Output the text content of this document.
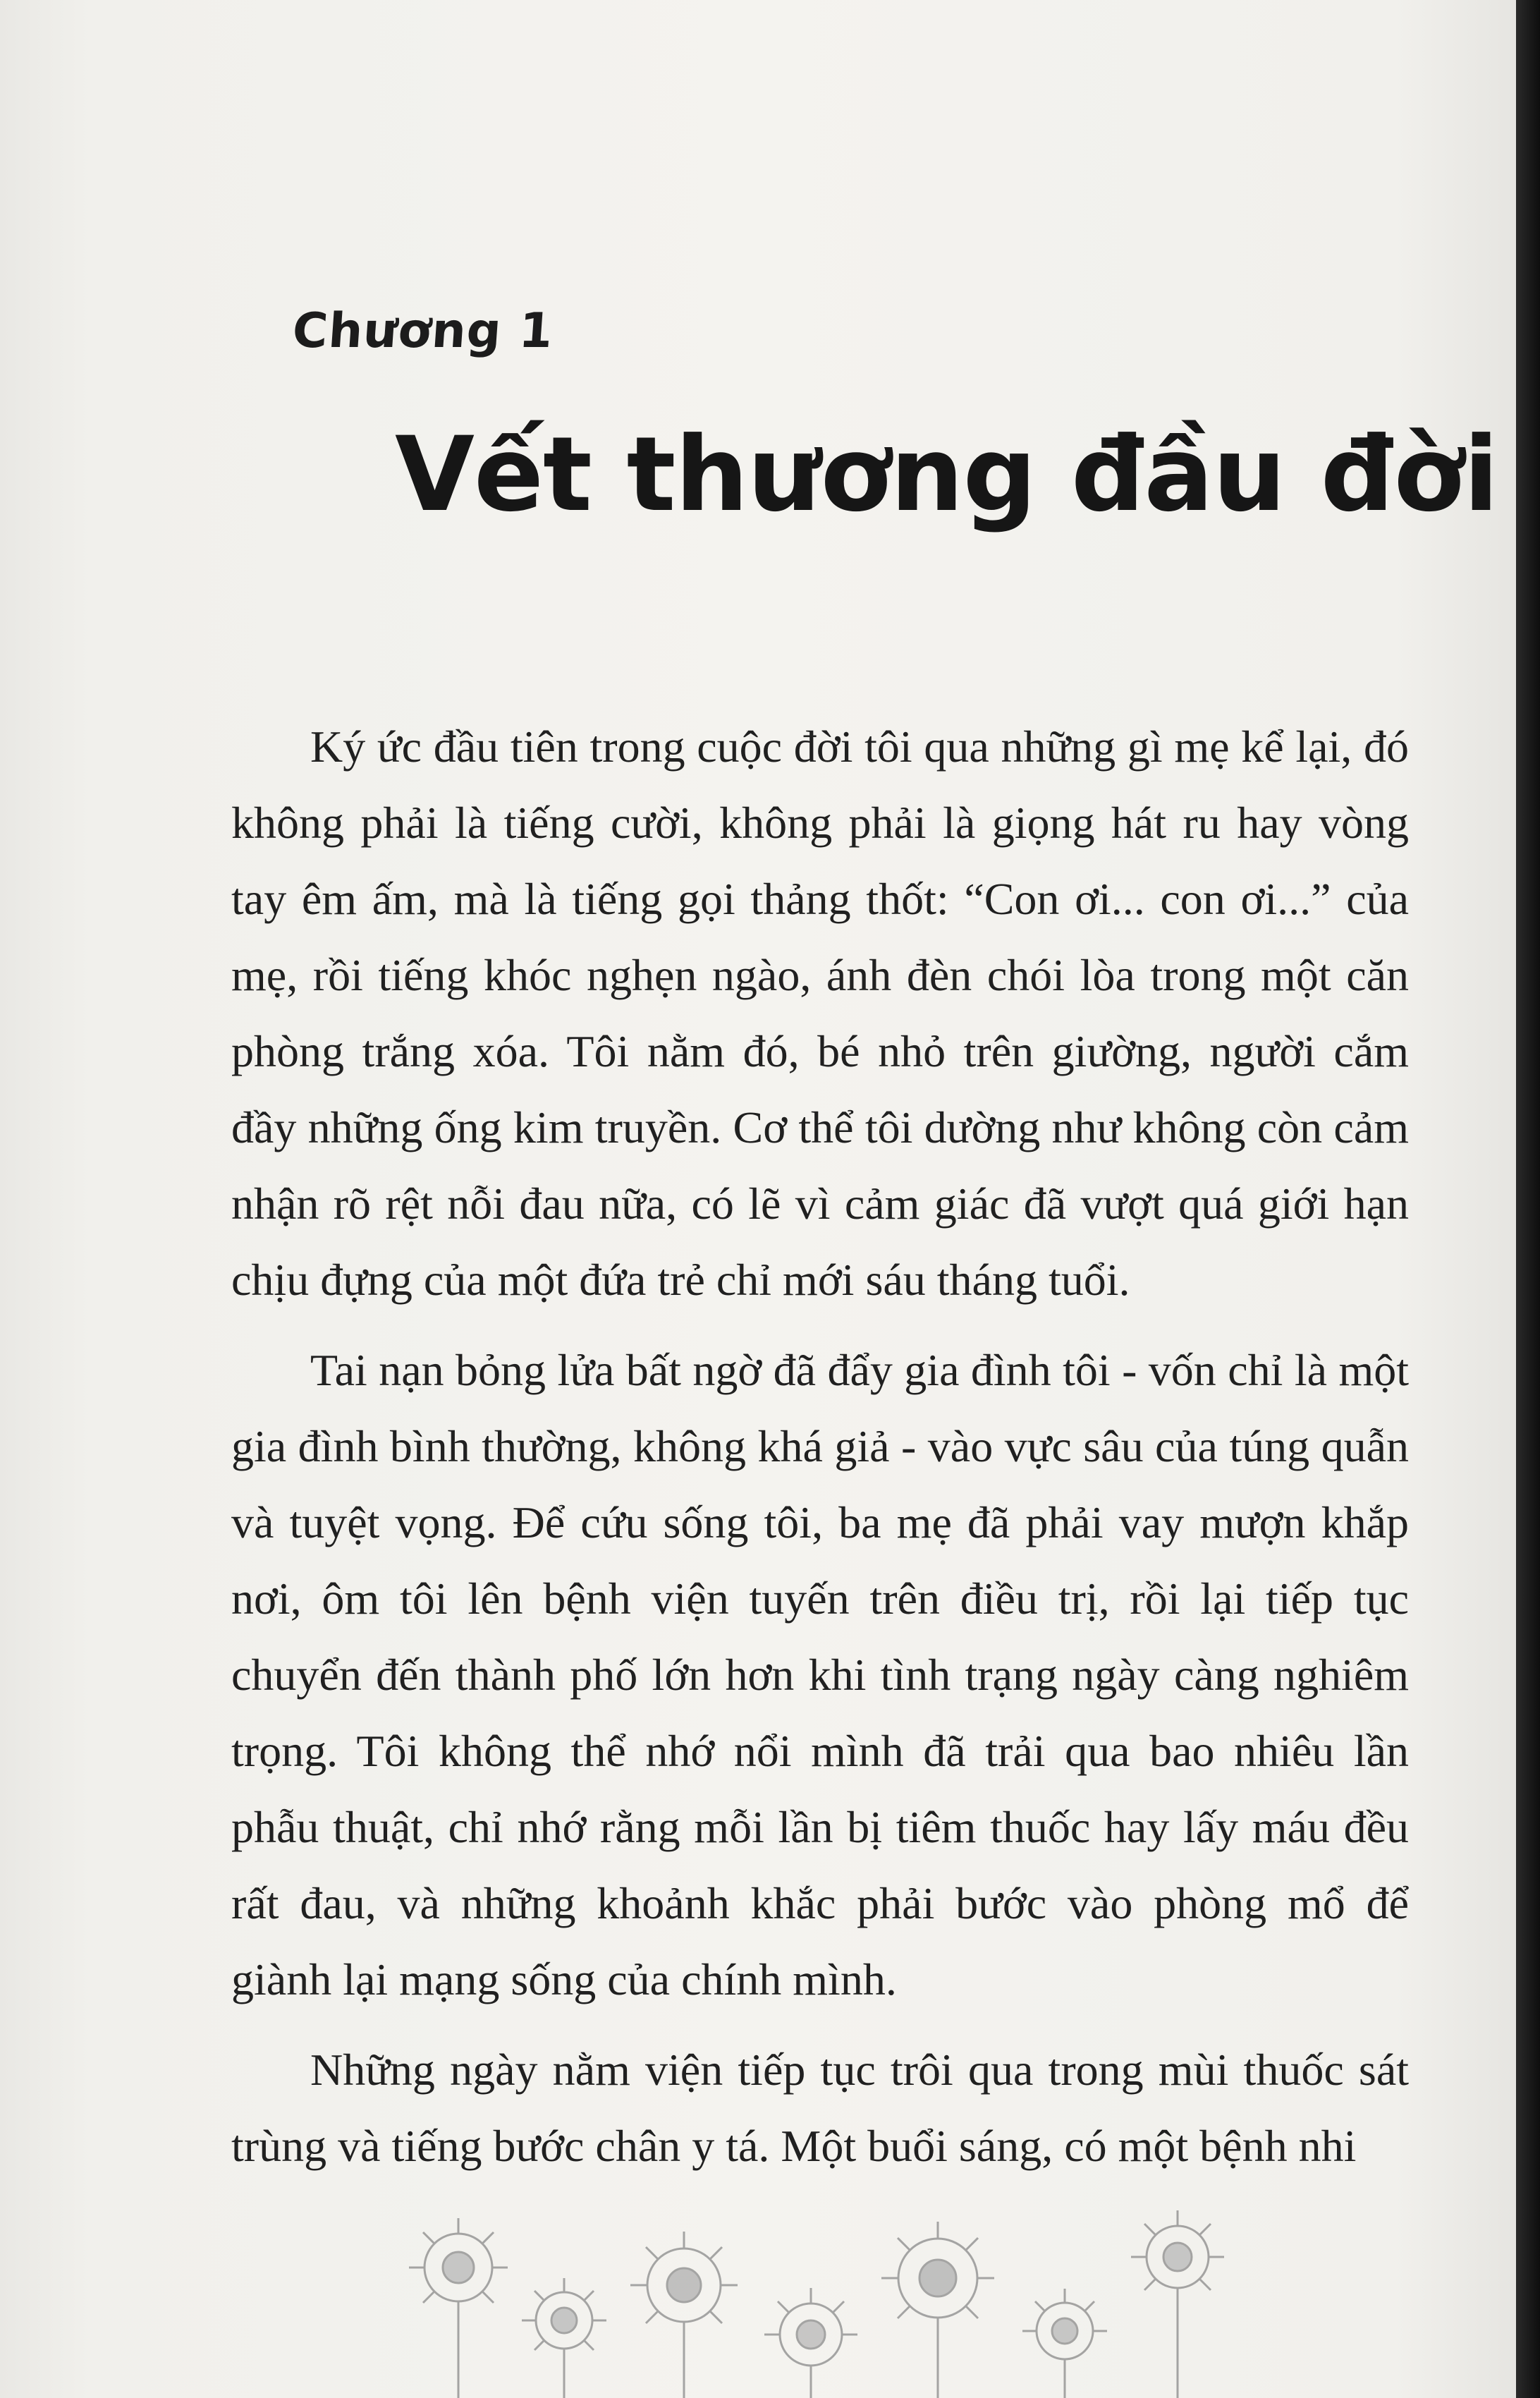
Chương 1
Vết thương đầu đời

Ký ức đầu tiên trong cuộc đời tôi qua những gì mẹ kể lại, đó không phải là tiếng cười, không phải là giọng hát ru hay vòng tay êm ấm, mà là tiếng gọi thảng thốt: “Con ơi... con ơi...” của mẹ, rồi tiếng khóc nghẹn ngào, ánh đèn chói lòa trong một căn phòng trắng xóa. Tôi nằm đó, bé nhỏ trên giường, người cắm đầy những ống kim truyền. Cơ thể tôi dường như không còn cảm nhận rõ rệt nỗi đau nữa, có lẽ vì cảm giác đã vượt quá giới hạn chịu đựng của một đứa trẻ chỉ mới sáu tháng tuổi.

Tai nạn bỏng lửa bất ngờ đã đẩy gia đình tôi - vốn chỉ là một gia đình bình thường, không khá giả - vào vực sâu của túng quẫn và tuyệt vọng. Để cứu sống tôi, ba mẹ đã phải vay mượn khắp nơi, ôm tôi lên bệnh viện tuyến trên điều trị, rồi lại tiếp tục chuyển đến thành phố lớn hơn khi tình trạng ngày càng nghiêm trọng. Tôi không thể nhớ nổi mình đã trải qua bao nhiêu lần phẫu thuật, chỉ nhớ rằng mỗi lần bị tiêm thuốc hay lấy máu đều rất đau, và những khoảnh khắc phải bước vào phòng mổ để giành lại mạng sống của chính mình.

Những ngày nằm viện tiếp tục trôi qua trong mùi thuốc sát trùng và tiếng bước chân y tá. Một buổi sáng, có một bệnh nhi
